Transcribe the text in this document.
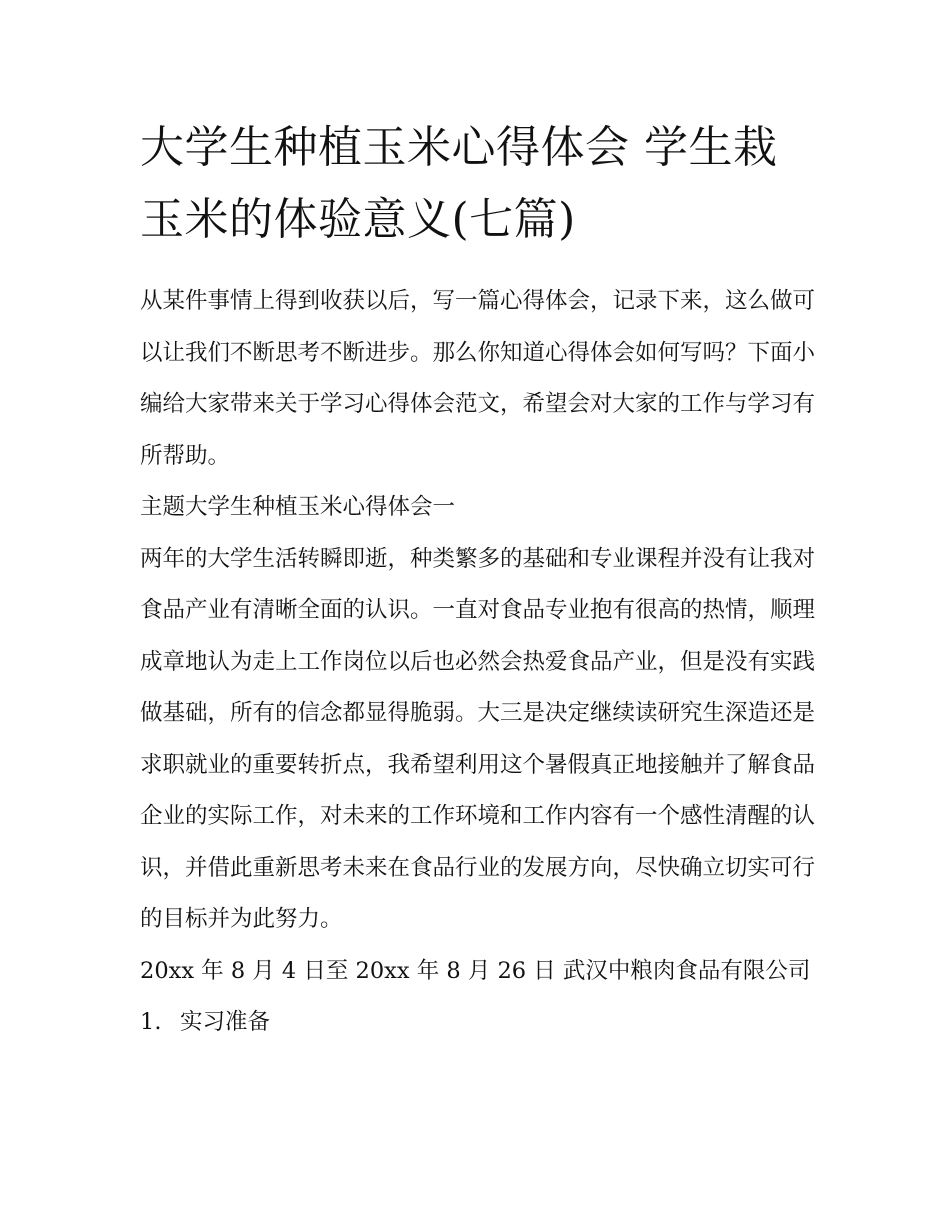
大学生种植玉米心得体会 学生栽玉米的体验意义(七篇)

从某件事情上得到收获以后，写一篇心得体会，记录下来，这么做可以让我们不断思考不断进步。那么你知道心得体会如何写吗？下面小编给大家带来关于学习心得体会范文，希望会对大家的工作与学习有所帮助。

主题大学生种植玉米心得体会一

两年的大学生活转瞬即逝，种类繁多的基础和专业课程并没有让我对食品产业有清晰全面的认识。一直对食品专业抱有很高的热情，顺理成章地认为走上工作岗位以后也必然会热爱食品产业，但是没有实践做基础，所有的信念都显得脆弱。大三是决定继续读研究生深造还是求职就业的重要转折点，我希望利用这个暑假真正地接触并了解食品企业的实际工作，对未来的工作环境和工作内容有一个感性清醒的认识，并借此重新思考未来在食品行业的发展方向，尽快确立切实可行的目标并为此努力。

20xx 年 8 月 4 日至 20xx 年 8 月 26 日 武汉中粮肉食品有限公司

1. 实习准备
